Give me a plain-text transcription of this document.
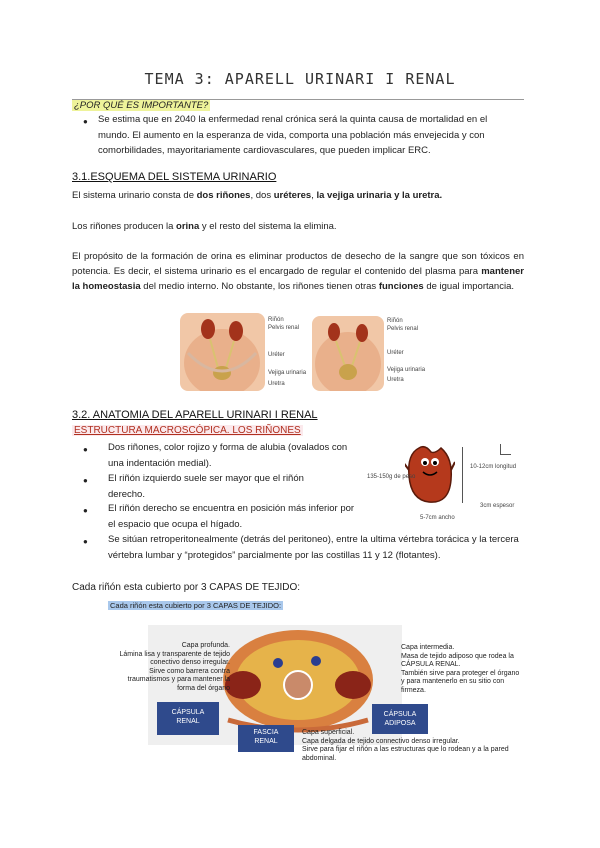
TEMA 3: APARELL URINARI I RENAL
¿POR QUÉ ES IMPORTANTE?
● Se estima que en 2040 la enfermedad renal crónica será la quinta causa de mortalidad en el mundo. El aumento en la esperanza de vida, comporta una población más envejecida y con comorbilidades, mayoritariamente cardiovasculares, que pueden implicar ERC.
3.1.ESQUEMA DEL SISTEMA URINARIO
El sistema urinario consta de dos riñones, dos uréteres, la vejiga urinaria y la uretra.
Los riñones producen la orina y el resto del sistema la elimina.
El propósito de la formación de orina es eliminar productos de desecho de la sangre que son tóxicos en potencia. Es decir, el sistema urinario es el encargado de regular el contenido del plasma para mantener la homeostasia del medio interno. No obstante, los riñones tienen otras funciones de igual importancia.
Riñón
Pelvis renal
Uréter
Vejiga urinaria
Uretra
Riñón
Pelvis renal
Uréter
Vejiga urinaria
Uretra
3.2. ANATOMIA DEL APARELL URINARI I RENAL
ESTRUCTURA MACROSCÓPICA. LOS RIÑONES
● Dos riñones, color rojizo y forma de alubia (ovalados con una indentación medial).
● El riñón izquierdo suele ser mayor que el riñón derecho.
● El riñón derecho se encuentra en posición más inferior por el espacio que ocupa el hígado.
● Se sitúan retroperitonealmente (detrás del peritoneo), entre la ultima vértebra torácica y la tercera vértebra lumbar y “protegidos” parcialmente por las costillas 11 y 12 (flotantes).
135-150g de peso
10-12cm longitud
3cm espesor
5-7cm ancho
Cada riñón esta cubierto por 3 CAPAS DE TEJIDO:
Cada riñón esta cubierto por 3 CAPAS DE TEJIDO:
CÁPSULA
RENAL
FASCIA
RENAL
CÁPSULA
ADIPOSA
Capa profunda.
Lámina lisa y transparente de tejido
conectivo denso irregular.
Sirve como barrera contra
traumatismos y para mantener la
forma del órgano
Capa intermedia.
Masa de tejido adiposo que rodea la
CÁPSULA RENAL.
También sirve para proteger el órgano
y para mantenerlo en su sitio con
firmeza.
Capa superficial.
Capa delgada de tejido connectivo denso irregular.
Sirve para fijar el riñón a las estructuras que lo rodean y a la pared
abdominal.
